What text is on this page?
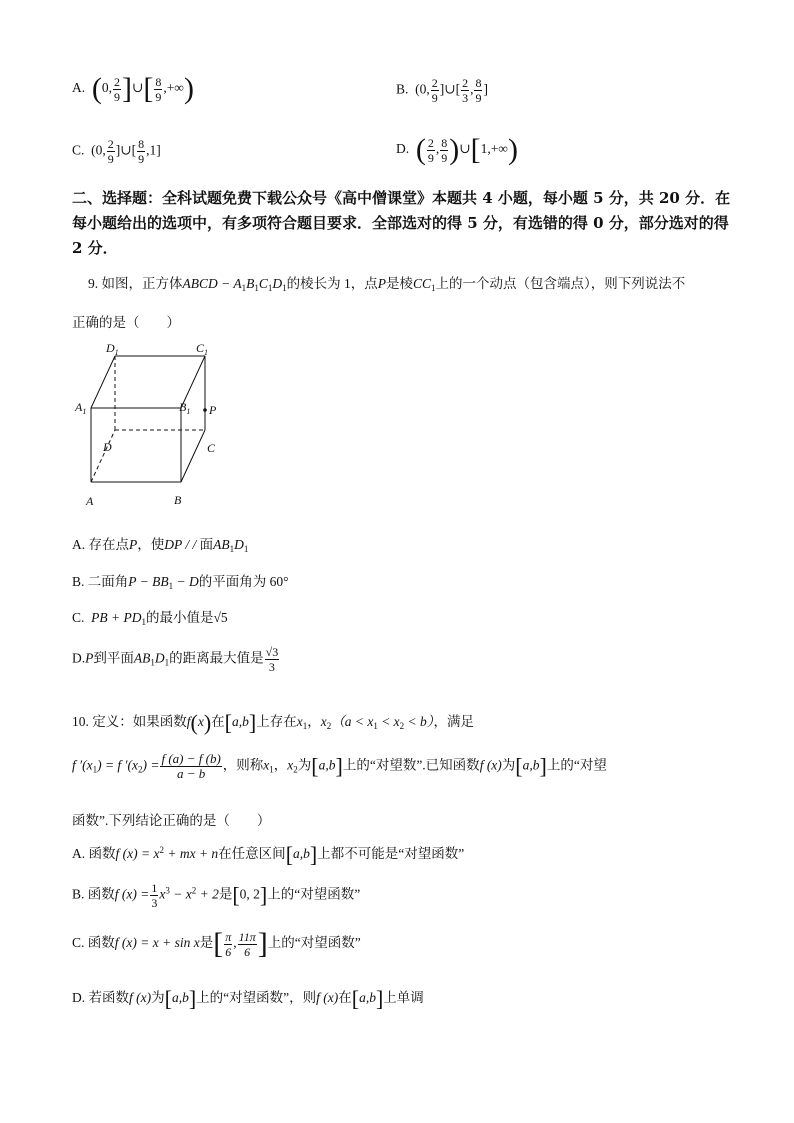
A. (0, $\frac{2}{9}$ ]∪[ $\frac{8}{9}$ ,+∞)	B. (0, $\frac{2}{9}$ ]∪[ $\frac{2}{3}$ , $\frac{8}{9}$ ]
C. (0, $\frac{2}{9}$ ]∪[ $\frac{8}{9} ,1$]	D. ( $\frac{2}{9}$ , $\frac{8}{9}$ )∪[1,+∞)
二、选择题：全科试题免费下载公众号《高中僧课堂》本题共 4 小题，每小题 5 分，共 20 分．在每小题给出的选项中，有多项符合题目要求．全部选对的得 5 分，有选错的得 0 分，部分选对的得 2 分．
9. 如图，正方体ABCD − $A_1B_1C_1D_1$的棱长为 1，点P是棱$CC_1$上的一个动点（包含端点），则下列说法不
正确的是（　　）
$D_1$	$C_1$
$A_1$	$B_1$ P
D	C
A	B
A. 存在点P，使DP / / 面$AB_1D_1$
B. 二面角$P - BB_1 - D$的平面角为 60°
C. PB + $PD_1$的最小值是√5
D.P到平面$AB_1D_1$的距离最大值是 $\frac{√3}{3}$
10. 定义：如果函数f(x)在[a,b]上存在$x_1$，$x_2(a < x_1 < x_2 < b)$，满足
f $'(x_1) = f$ $'(x_2) = \frac{f (a) - f (b)}{a - b}$ ，则称$x_1$，$x_2$为[a,b]上的“对望数”.已知函数f (x)为[a,b]上的“对望
函数”.下列结论正确的是（　　）
A. 函数f $(x) = x^2$ + mx + n在任意区间[a,b]上都不可能是“对望函数”
B. 函数f $(x) = \frac{1}{3} x^3 - x^2 + 2$是[0, 2]上的“对望函数”
C. 函数f (x) = x + sin x是[ $\frac{\pi}{6}$ , $\frac{11\pi}{6}$ ]上的“对望函数”
D. 若函数f (x)为[a,b]上的“对望函数”，则f (x)在[a,b]上单调
